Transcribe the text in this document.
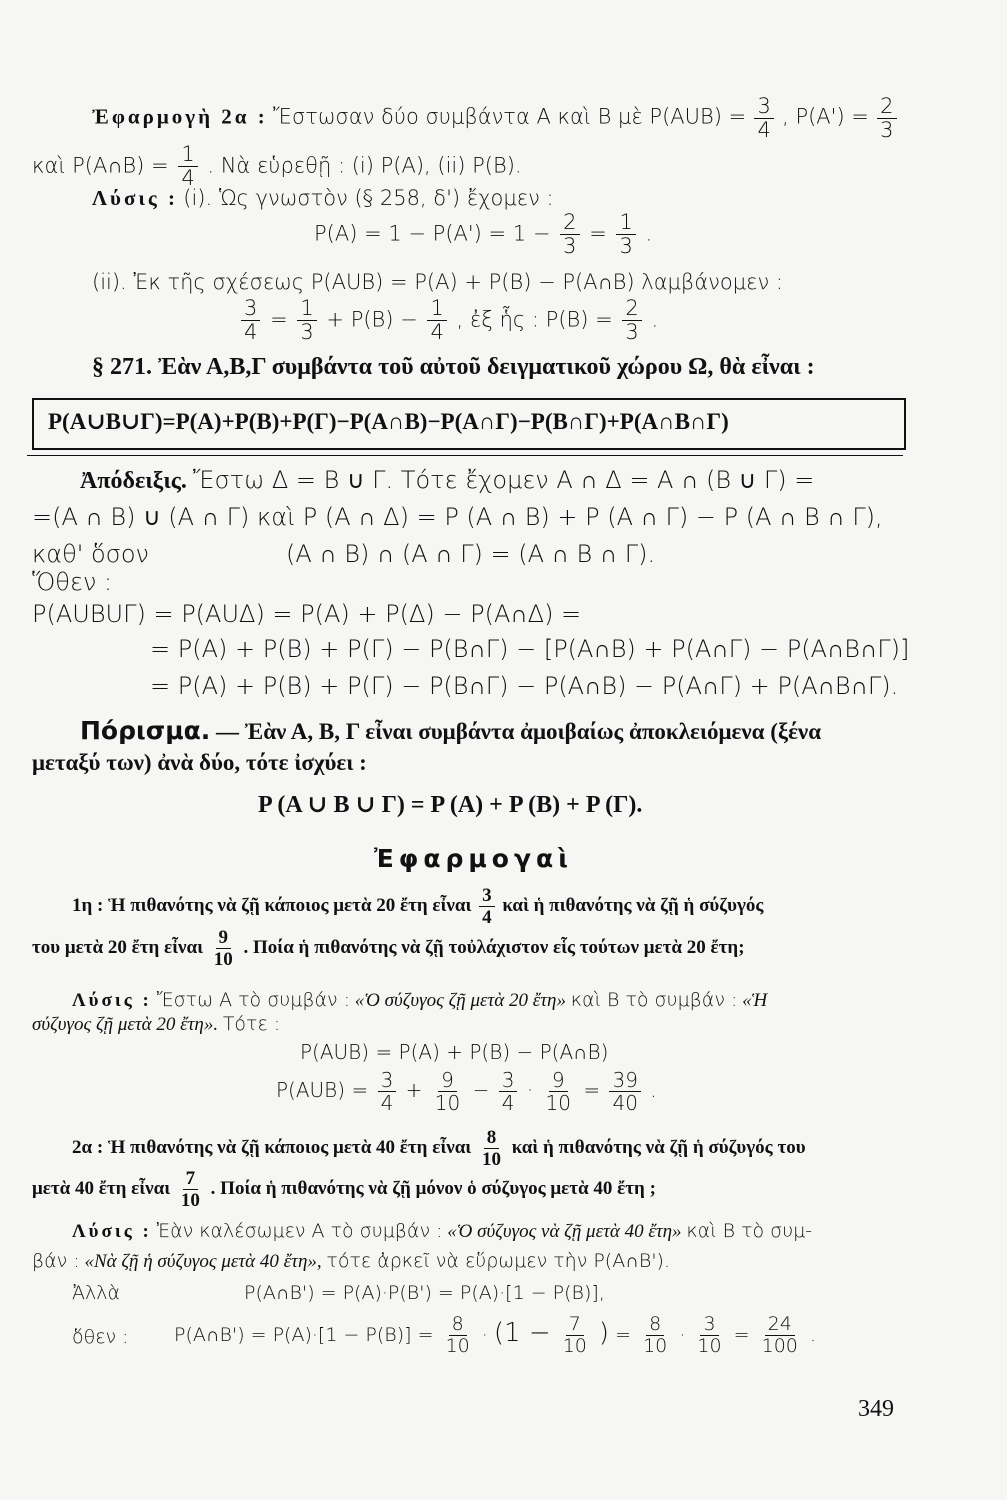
Ἐφαρμογὴ 2α : Ἔστωσαν δύο συμβάντα Α καὶ Β μὲ $P(AUB) = \frac{3}{4}$ , $P(A') = \frac{2}{3}$
καὶ P(A∩B) = $\frac{1}{4}$ . Νὰ εὑρεθῇ : (i) P(A), (ii) P(B).
Λύσις : (i). Ὡς γνωστὸν (§ 258, δ') ἔχομεν :
$P(A) = 1 - P(A') = 1 - \frac{2}{3} = \frac{1}{3}$ .
(ii). Ἐκ τῆς σχέσεως P(AUB) = P(A) + P(B) − P(A∩B) λαμβάνομεν :
$\frac{3}{4} = \frac{1}{3} + P(B) - \frac{1}{4}$ , ἐξ ἧς : $P(B) = \frac{2}{3}$ .
§ 271. Ἐὰν Α,Β,Γ συμβάντα τοῦ αὐτοῦ δειγματικοῦ χώρου Ω, θὰ εἶναι :
P(A∪B∪Γ)=P(A)+P(B)+P(Γ)−P(A∩B)−P(A∩Γ)−P(B∩Γ)+P(A∩B∩Γ)
Ἀπόδειξις. Ἔστω Δ = B ∪ Γ. Τότε ἔχομεν A ∩ Δ = A ∩ (B ∪ Γ) =
=(A ∩ B) ∪ (A ∩ Γ) καὶ P (A ∩ Δ) = P (A ∩ B) + P (A ∩ Γ) − P (A ∩ B ∩ Γ),
καθ' ὅσον	(A ∩ B) ∩ (A ∩ Γ) = (A ∩ B ∩ Γ).
Ὅθεν :
P(AUBUΓ) = P(AUΔ) = P(A) + P(Δ) − P(A∩Δ) =
= P(A) + P(B) + P(Γ) − P(B∩Γ) − [P(A∩B) + P(A∩Γ) − P(A∩B∩Γ)]
= P(A) + P(B) + P(Γ) − P(B∩Γ) − P(A∩B) − P(A∩Γ) + P(A∩B∩Γ).
Πόρισμα. — Ἐὰν Α, Β, Γ εἶναι συμβάντα ἀμοιβαίως ἀποκλειόμενα (ξένα
μεταξύ των) ἀνὰ δύο, τότε ἰσχύει :
P (A ∪ B ∪ Γ) = P (A) + P (B) + P (Γ).
Ἐφαρμογαὶ
1η : Ἡ πιθανότης νὰ ζῇ κάποιος μετὰ 20 ἔτη εἶναι $\frac{3}{4}$ καὶ ἡ πιθανότης νὰ ζῇ ἡ σύζυγός
του μετὰ 20 ἔτη εἶναι $\frac{9}{10}$ . Ποία ἡ πιθανότης νὰ ζῇ τοὐλάχιστον εἷς τούτων μετὰ 20 ἔτη;
Λύσις : Ἔστω Α τὸ συμβάν : «Ὁ σύζυγος ζῇ μετὰ 20 ἔτη» καὶ Β τὸ συμβάν : «Ἡ
σύζυγος ζῇ μετὰ 20 ἔτη». Τότε :
P(AUB) = P(A) + P(B) − P(A∩B)
$P(AUB) = \frac{3}{4} + \frac{9}{10} - \frac{3}{4} \cdot \frac{9}{10} = \frac{39}{40}$ .
2α : Ἡ πιθανότης νὰ ζῇ κάποιος μετὰ 40 ἔτη εἶναι $\frac{8}{10}$ καὶ ἡ πιθανότης νὰ ζῇ ἡ σύζυγός του
μετὰ 40 ἔτη εἶναι $\frac{7}{10}$ . Ποία ἡ πιθανότης νὰ ζῇ μόνον ὁ σύζυγος μετὰ 40 ἔτη ;
Λύσις : Ἐὰν καλέσωμεν Α τὸ συμβάν : «Ὁ σύζυγος νὰ ζῇ μετὰ 40 ἔτη» καὶ Β τὸ συμ-
βάν : «Νὰ ζῇ ἡ σύζυγος μετὰ 40 ἔτη», τότε ἀρκεῖ νὰ εὕρωμεν τὴν P(A∩B').
Ἀλλὰ	P(A∩B') = P(A)·P(B') = P(A)·[1 − P(B)],
ὅθεν : P(A∩B') = $P(A)\cdot[1 - P(B)] = \frac{8}{10} \cdot (1 - \frac{7}{10}$ ) = $\frac{8}{10} \cdot \frac{3}{10} = \frac{24}{100}$ .
349
